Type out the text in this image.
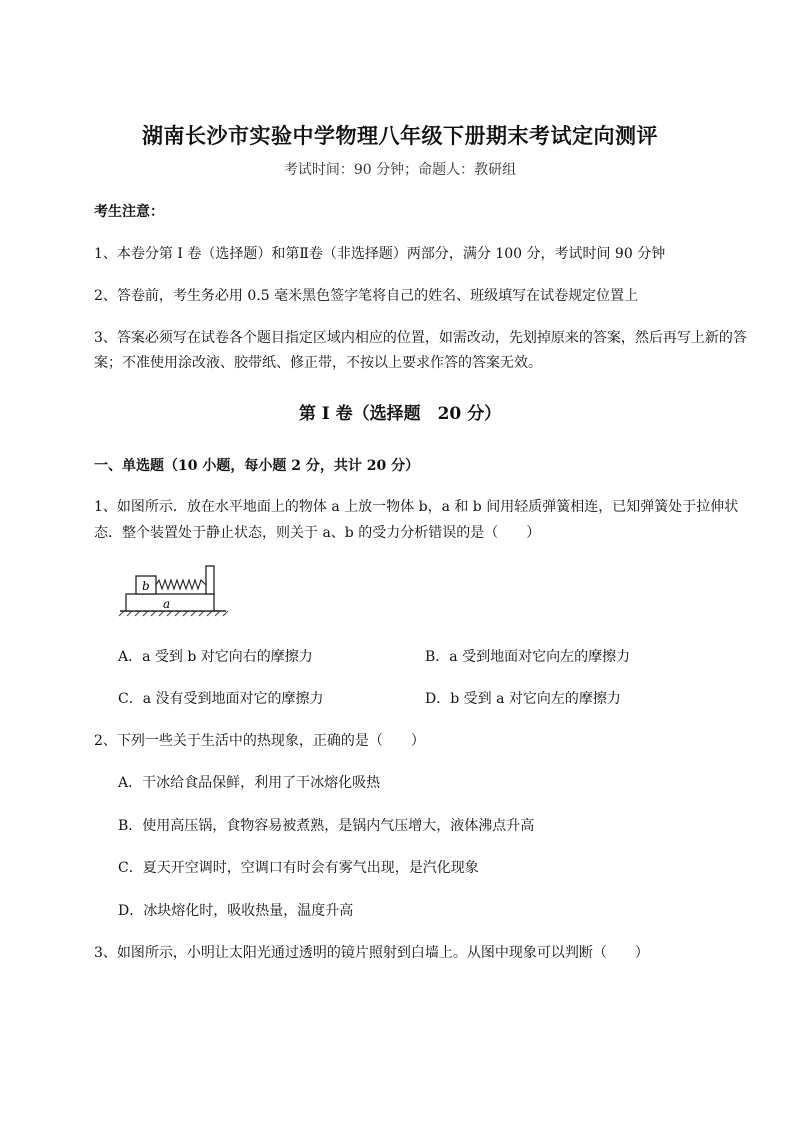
湖南长沙市实验中学物理八年级下册期末考试定向测评
考试时间：90 分钟；命题人：教研组
考生注意：
1、本卷分第 I 卷（选择题）和第Ⅱ卷（非选择题）两部分，满分 100 分，考试时间 90 分钟
2、答卷前，考生务必用 0.5 毫米黑色签字笔将自己的姓名、班级填写在试卷规定位置上
3、答案必须写在试卷各个题目指定区域内相应的位置，如需改动，先划掉原来的答案，然后再写上新的答案；不准使用涂改液、胶带纸、修正带，不按以上要求作答的答案无效。
第 I 卷（选择题　20 分）
一、单选题（10 小题，每小题 2 分，共计 20 分）
1、如图所示．放在水平地面上的物体 a 上放一物体 b，a 和 b 间用轻质弹簧相连，已知弹簧处于拉伸状
态．整个装置处于静止状态，则关于 a、b 的受力分析错误的是（　　）
b
a
A．a 受到 b 对它向右的摩擦力	B．a 受到地面对它向左的摩擦力
C．a 没有受到地面对它的摩擦力	D．b 受到 a 对它向左的摩擦力
2、下列一些关于生活中的热现象，正确的是（　　）
A．干冰给食品保鲜，利用了干冰熔化吸热
B．使用高压锅，食物容易被煮熟，是锅内气压增大，液体沸点升高
C．夏天开空调时，空调口有时会有雾气出现，是汽化现象
D．冰块熔化时，吸收热量，温度升高
3、如图所示，小明让太阳光通过透明的镜片照射到白墙上。从图中现象可以判断（　　）
